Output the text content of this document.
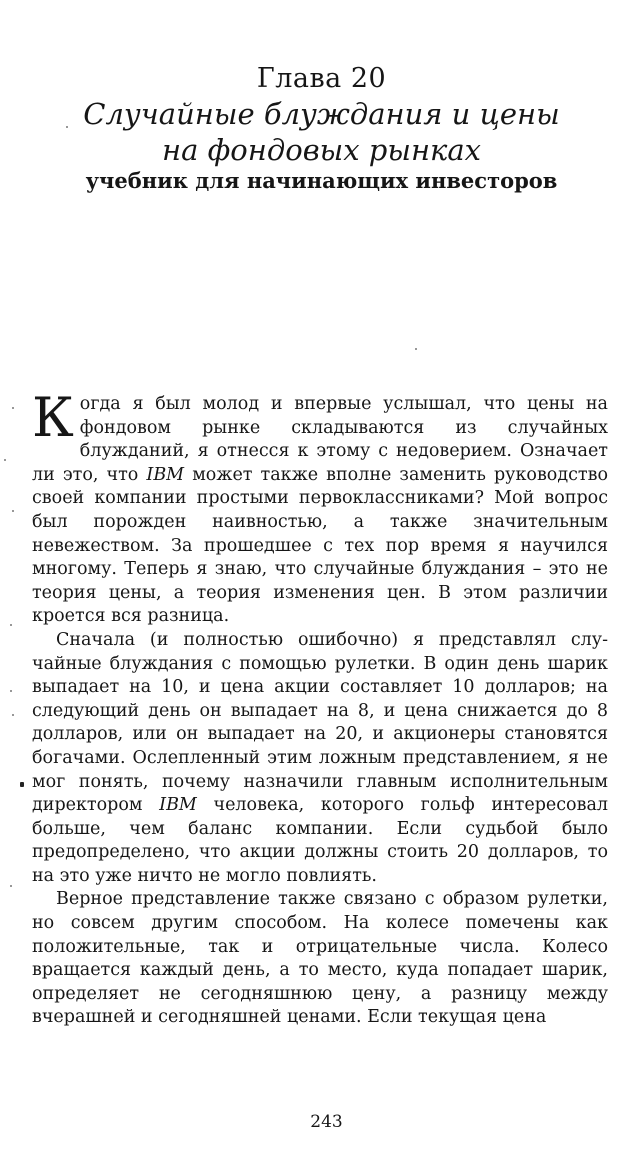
Глава 20
Случайные блуждания и цены
на фондовых рынках
учебник для начинающих инвесторов

Когда я был молод и впервые услышал, что цены на фондовом рынке складываются из случайных блужданий, я отнесся к этому с недоверием. Означает ли это, что IBM может также вполне заменить руководство своей компании простыми первоклассниками? Мой вопрос был порожден наивностью, а также значительным невежеством. За прошедшее с тех пор время я научился многому. Теперь я знаю, что случайные блуждания – это не теория цены, а теория изменения цен. В этом различии кроется вся разница.

Сначала (и полностью ошибочно) я представлял случайные блуждания с помощью рулетки. В один день шарик выпадает на 10, и цена акции составляет 10 долларов; на следующий день он выпадает на 8, и цена снижается до 8 долларов, или он выпадает на 20, и акционеры становятся богачами. Ослепленный этим ложным представлением, я не мог понять, почему назначили главным исполнительным директором IBM человека, которого гольф интересовал больше, чем баланс компании. Если судьбой было предопределено, что акции должны стоить 20 долларов, то на это уже ничто не могло повлиять.

Верное представление также связано с образом рулетки, но совсем другим способом. На колесе помечены как положительные, так и отрицательные числа. Колесо вращается каждый день, а то место, куда попадает шарик, определяет не сегодняшнюю цену, а разницу между вчерашней и сегодняшней ценами. Если текущая цена

243
